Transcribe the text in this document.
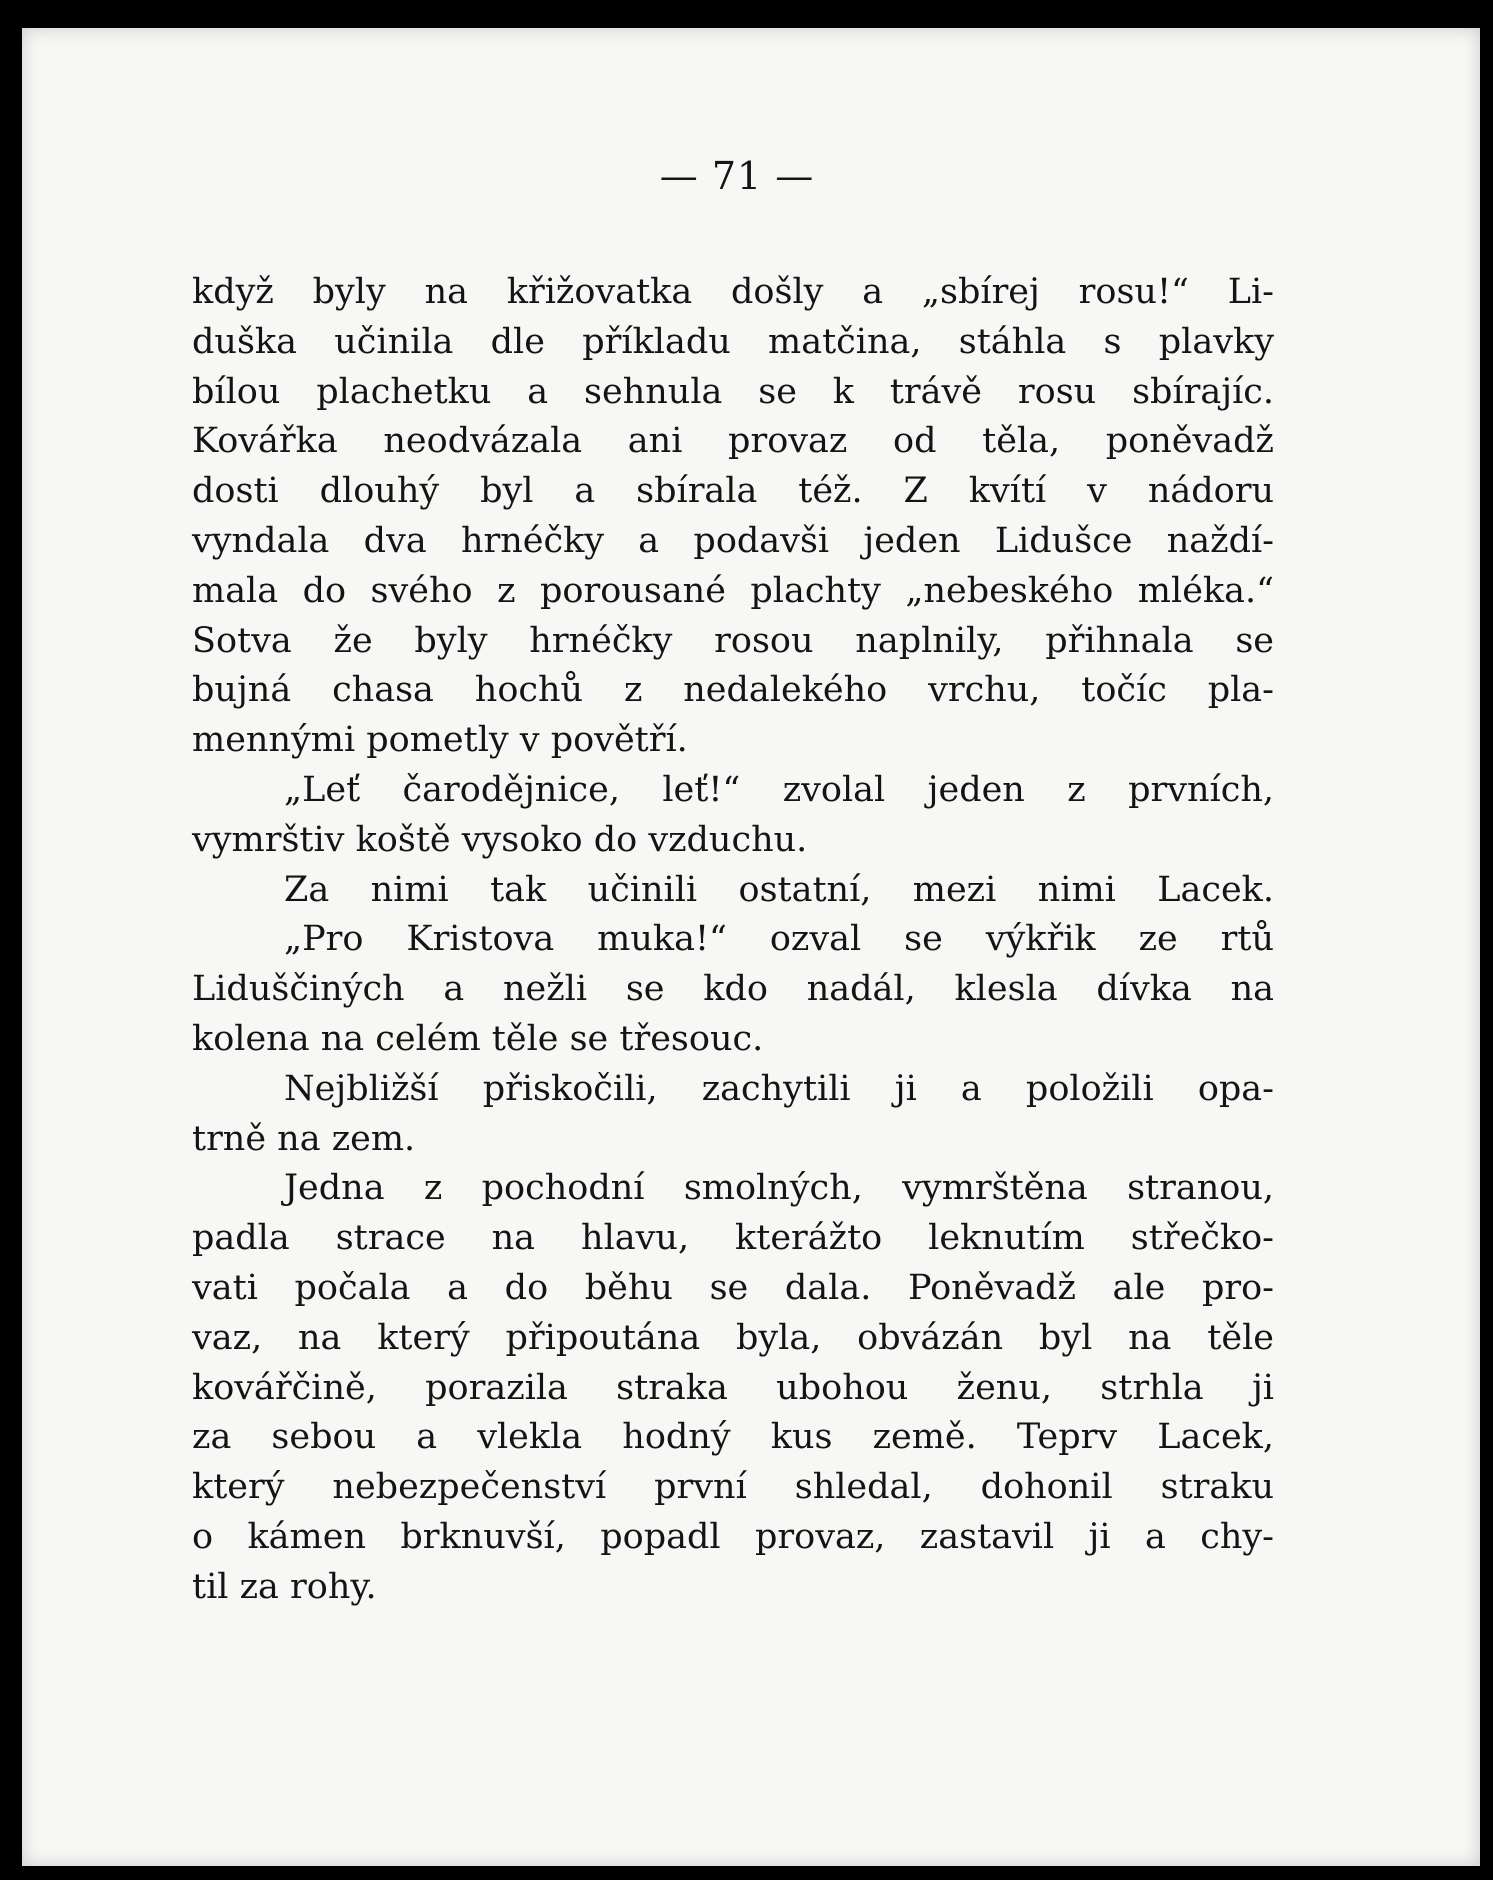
— 71 —
když byly na křižovatka došly a „sbírej rosu!“ Li-
duška učinila dle příkladu matčina, stáhla s plavky
bílou plachetku a sehnula se k trávě rosu sbírajíc.
Kovářka neodvázala ani provaz od těla, poněvadž
dosti dlouhý byl a sbírala též. Z kvítí v nádoru
vyndala dva hrnéčky a podavši jeden Lidušce naždí-
mala do svého z porousané plachty „nebeského mléka.“
Sotva že byly hrnéčky rosou naplnily, přihnala se
bujná chasa hochů z nedalekého vrchu, točíc pla-
mennými pometly v povětří.
„Leť čarodějnice, leť!“ zvolal jeden z prvních,
vymrštiv koště vysoko do vzduchu.
Za nimi tak učinili ostatní, mezi nimi Lacek.
„Pro Kristova muka!“ ozval se výkřik ze rtů
Liduščiných a nežli se kdo nadál, klesla dívka na
kolena na celém těle se třesouc.
Nejbližší přiskočili, zachytili ji a položili opa-
trně na zem.
Jedna z pochodní smolných, vymrštěna stranou,
padla strace na hlavu, kterážto leknutím střečko-
vati počala a do běhu se dala. Poněvadž ale pro-
vaz, na který připoutána byla, obvázán byl na těle
kovářčině, porazila straka ubohou ženu, strhla ji
za sebou a vlekla hodný kus země. Teprv Lacek,
který nebezpečenství první shledal, dohonil straku
o kámen brknuvší, popadl provaz, zastavil ji a chy-
til za rohy.
